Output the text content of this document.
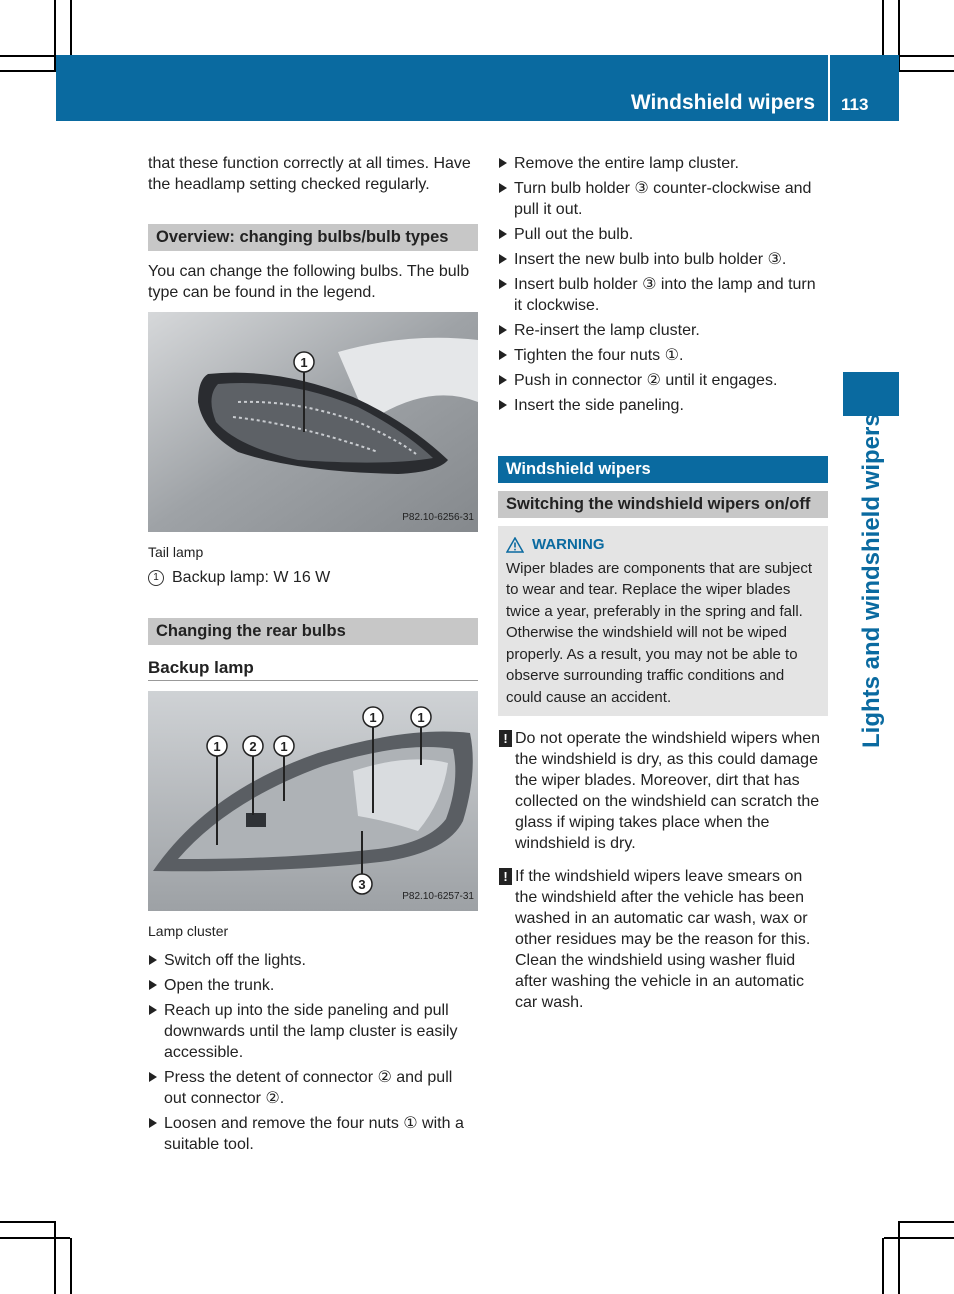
Windshield wipers 113
Lights and windshield wipers

that these function correctly at all times. Have the headlamp setting checked regularly.

Overview: changing bulbs/bulb types

You can change the following bulbs. The bulb type can be found in the legend.

1
P82.10-6256-31
Tail lamp
1 Backup lamp: W 16 W
Changing the rear bulbs
Backup lamp
1 2 1
1	1
3
P82.10-6257-31
Lamp cluster
Switch off the lights.
Open the trunk.
Reach up into the side paneling and pull downwards until the lamp cluster is easily accessible.
Press the detent of connector ② and pull out connector ②.
Loosen and remove the four nuts ① with a suitable tool.
Remove the entire lamp cluster.
Turn bulb holder ③ counter-clockwise and pull it out.
Pull out the bulb.
Insert the new bulb into bulb holder ③.
Insert bulb holder ③ into the lamp and turn it clockwise.
Re-insert the lamp cluster.
Tighten the four nuts ①.
Push in connector ② until it engages.
Insert the side paneling.
Windshield wipers
Switching the windshield wipers on/off
WARNING
Wiper blades are components that are subject to wear and tear. Replace the wiper blades twice a year, preferably in the spring and fall. Otherwise the windshield will not be wiped properly. As a result, you may not be able to observe surrounding traffic conditions and could cause an accident.
! Do not operate the windshield wipers when the windshield is dry, as this could damage the wiper blades. Moreover, dirt that has collected on the windshield can scratch the glass if wiping takes place when the windshield is dry.
! If the windshield wipers leave smears on the windshield after the vehicle has been washed in an automatic car wash, wax or other residues may be the reason for this. Clean the windshield using washer fluid after washing the vehicle in an automatic car wash.
